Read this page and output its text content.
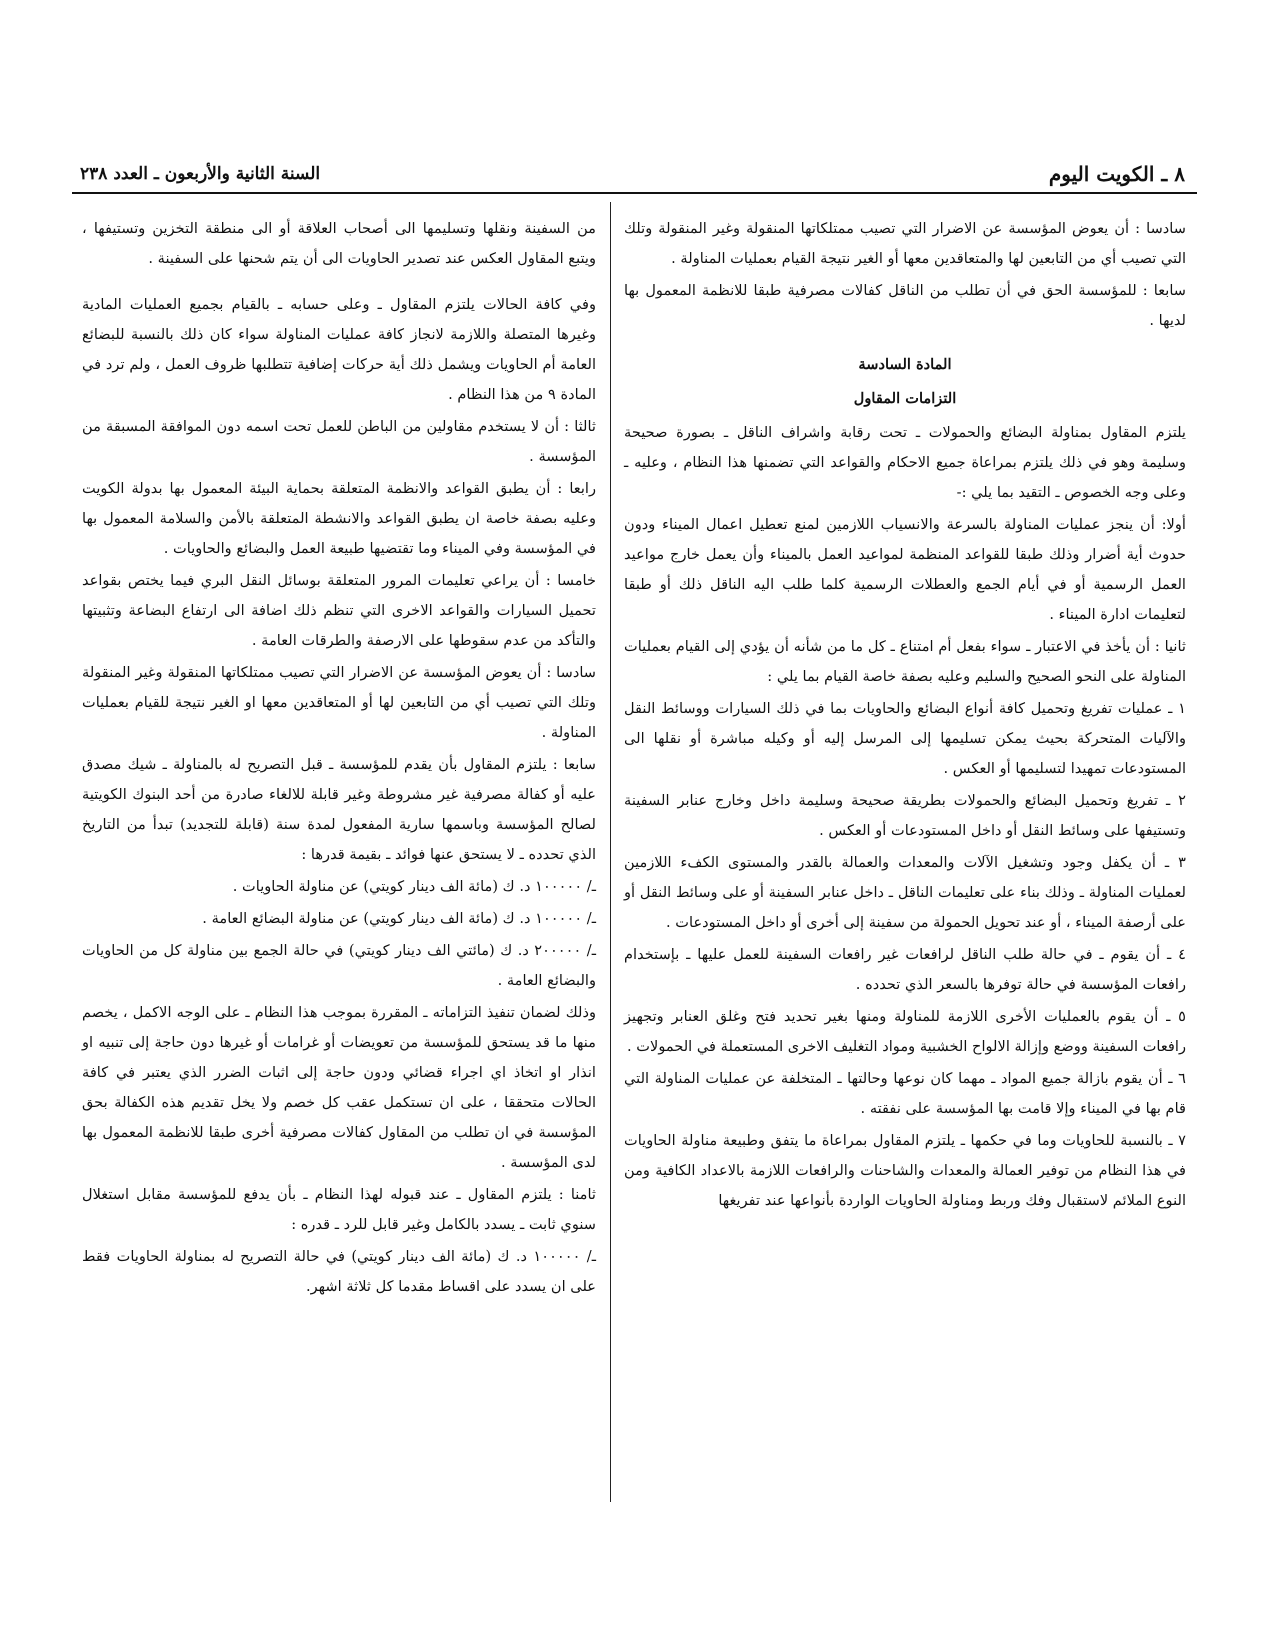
٨ ـ الكويت اليوم
السنة الثانية والأربعون ـ العدد ٢٣٨

سادسا : أن يعوض المؤسسة عن الاضرار التي تصيب ممتلكاتها المنقولة وغير المنقولة وتلك التي تصيب أي من التابعين لها والمتعاقدين معها أو الغير نتيجة القيام بعمليات المناولة .

سابعا : للمؤسسة الحق في أن تطلب من الناقل كفالات مصرفية طبقا للانظمة المعمول بها لديها .

المادة السادسة

التزامات المقاول

يلتزم المقاول بمناولة البضائع والحمولات ـ تحت رقابة واشراف الناقل ـ بصورة صحيحة وسليمة وهو في ذلك يلتزم بمراعاة جميع الاحكام والقواعد التي تضمنها هذا النظام ، وعليه ـ وعلى وجه الخصوص ـ التقيد بما يلي :-

أولا: أن ينجز عمليات المناولة بالسرعة والانسياب اللازمين لمنع تعطيل اعمال الميناء ودون حدوث أية أضرار وذلك طبقا للقواعد المنظمة لمواعيد العمل بالميناء وأن يعمل خارج مواعيد العمل الرسمية أو في أيام الجمع والعطلات الرسمية كلما طلب اليه الناقل ذلك أو طبقا لتعليمات ادارة الميناء .

ثانيا : أن يأخذ في الاعتبار ـ سواء بفعل أم امتناع ـ كل ما من شأنه أن يؤدي إلى القيام بعمليات المناولة على النحو الصحيح والسليم وعليه بصفة خاصة القيام بما يلي :

١ ـ عمليات تفريغ وتحميل كافة أنواع البضائع والحاويات بما في ذلك السيارات ووسائط النقل والآليات المتحركة بحيث يمكن تسليمها إلى المرسل إليه أو وكيله مباشرة أو نقلها الى المستودعات تمهيدا لتسليمها أو العكس .

٢ ـ تفريغ وتحميل البضائع والحمولات بطريقة صحيحة وسليمة داخل وخارج عنابر السفينة وتستيفها على وسائط النقل أو داخل المستودعات أو العكس .

٣ ـ أن يكفل وجود وتشغيل الآلات والمعدات والعمالة بالقدر والمستوى الكفء اللازمين لعمليات المناولة ـ وذلك بناء على تعليمات الناقل ـ داخل عنابر السفينة أو على وسائط النقل أو على أرصفة الميناء ، أو عند تحويل الحمولة من سفينة إلى أخرى أو داخل المستودعات .

٤ ـ أن يقوم ـ في حالة طلب الناقل لرافعات غير رافعات السفينة للعمل عليها ـ بإستخدام رافعات المؤسسة في حالة توفرها بالسعر الذي تحدده .

٥ ـ أن يقوم بالعمليات الأخرى اللازمة للمناولة ومنها بغير تحديد فتح وغلق العنابر وتجهيز رافعات السفينة ووضع وإزالة الالواح الخشبية ومواد التغليف الاخرى المستعملة في الحمولات .

٦ ـ أن يقوم بازالة جميع المواد ـ مهما كان نوعها وحالتها ـ المتخلفة عن عمليات المناولة التي قام بها في الميناء وإلا قامت بها المؤسسة على نفقته .

٧ ـ بالنسبة للحاويات وما في حكمها ـ يلتزم المقاول بمراعاة ما يتفق وطبيعة مناولة الحاويات في هذا النظام من توفير العمالة والمعدات والشاحنات والرافعات اللازمة بالاعداد الكافية ومن النوع الملائم لاستقبال وفك وربط ومناولة الحاويات الواردة بأنواعها عند تفريغها

من السفينة ونقلها وتسليمها الى أصحاب العلاقة أو الى منطقة التخزين وتستيفها ، ويتبع المقاول العكس عند تصدير الحاويات الى أن يتم شحنها على السفينة .

وفي كافة الحالات يلتزم المقاول ـ وعلى حسابه ـ بالقيام بجميع العمليات المادية وغيرها المتصلة واللازمة لانجاز كافة عمليات المناولة سواء كان ذلك بالنسبة للبضائع العامة أم الحاويات ويشمل ذلك أية حركات إضافية تتطلبها ظروف العمل ، ولم ترد في المادة ٩ من هذا النظام .

ثالثا : أن لا يستخدم مقاولين من الباطن للعمل تحت اسمه دون الموافقة المسبقة من المؤسسة .

رابعا : أن يطبق القواعد والانظمة المتعلقة بحماية البيئة المعمول بها بدولة الكويت وعليه بصفة خاصة ان يطبق القواعد والانشطة المتعلقة بالأمن والسلامة المعمول بها في المؤسسة وفي الميناء وما تقتضيها طبيعة العمل والبضائع والحاويات .

خامسا : أن يراعي تعليمات المرور المتعلقة بوسائل النقل البري فيما يختص بقواعد تحميل السيارات والقواعد الاخرى التي تنظم ذلك اضافة الى ارتفاع البضاعة وتثبيتها والتأكد من عدم سقوطها على الارصفة والطرقات العامة .

سادسا : أن يعوض المؤسسة عن الاضرار التي تصيب ممتلكاتها المنقولة وغير المنقولة وتلك التي تصيب أي من التابعين لها أو المتعاقدين معها او الغير نتيجة للقيام بعمليات المناولة .

سابعا : يلتزم المقاول بأن يقدم للمؤسسة ـ قبل التصريح له بالمناولة ـ شيك مصدق عليه أو كفالة مصرفية غير مشروطة وغير قابلة للالغاء صادرة من أحد البنوك الكويتية لصالح المؤسسة وباسمها سارية المفعول لمدة سنة (قابلة للتجديد) تبدأ من التاريخ الذي تحدده ـ لا يستحق عنها فوائد ـ بقيمة قدرها :

ـ/ ١٠٠٠٠٠ د. ك (مائة الف دينار كويتي) عن مناولة الحاويات .

ـ/ ١٠٠٠٠٠ د. ك (مائة الف دينار كويتي) عن مناولة البضائع العامة .

ـ/ ٢٠٠٠٠٠ د. ك (مائتي الف دينار كويتي) في حالة الجمع بين مناولة كل من الحاويات والبضائع العامة .

وذلك لضمان تنفيذ التزاماته ـ المقررة بموجب هذا النظام ـ على الوجه الاكمل ، يخصم منها ما قد يستحق للمؤسسة من تعويضات أو غرامات أو غيرها دون حاجة إلى تنبيه او انذار او اتخاذ اي اجراء قضائي ودون حاجة إلى اثبات الضرر الذي يعتبر في كافة الحالات متحققا ، على ان تستكمل عقب كل خصم ولا يخل تقديم هذه الكفالة بحق المؤسسة في ان تطلب من المقاول كفالات مصرفية أخرى طبقا للانظمة المعمول بها لدى المؤسسة .

ثامنا : يلتزم المقاول ـ عند قبوله لهذا النظام ـ بأن يدفع للمؤسسة مقابل استغلال سنوي ثابت ـ يسدد بالكامل وغير قابل للرد ـ قدره :

ـ/ ١٠٠٠٠٠ د. ك (مائة الف دينار كويتي) في حالة التصريح له بمناولة الحاويات فقط على ان يسدد على اقساط مقدما كل ثلاثة اشهر.
